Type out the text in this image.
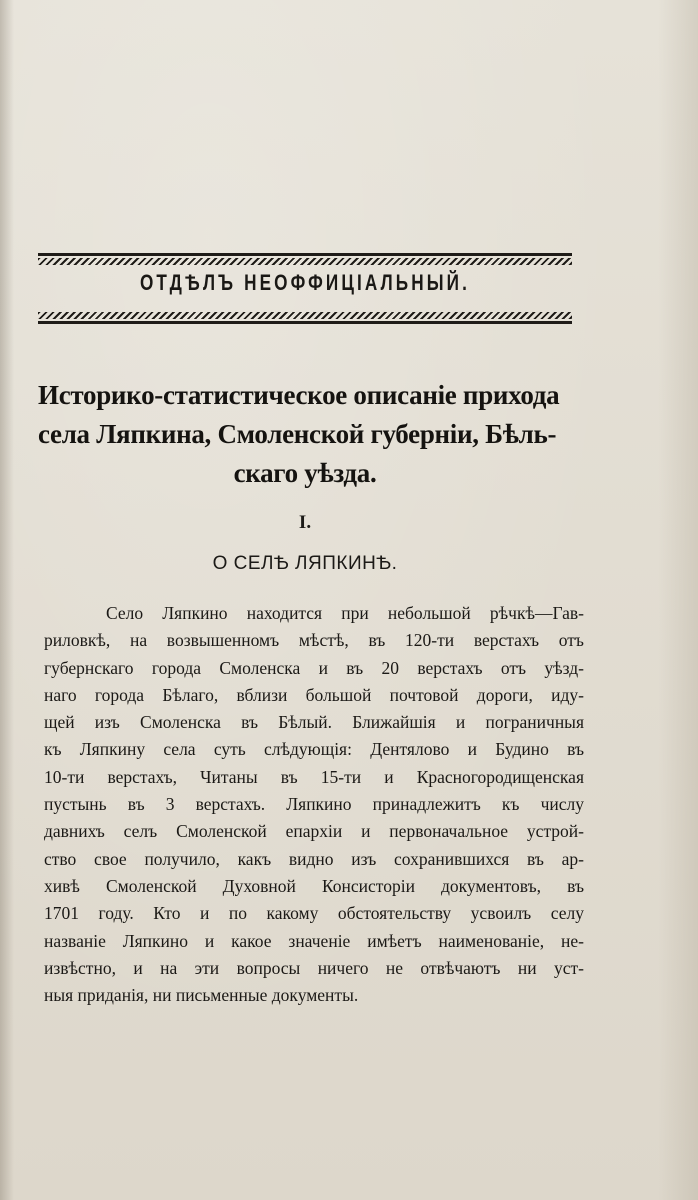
ОТДѢЛЪ НЕОФФИЦІАЛЬНЫЙ.
Историко-статистическое описаніе прихода
села Ляпкина, Смоленской губерніи, Бѣль-
скаго уѣзда.
I.
О СЕЛѢ ЛЯПКИНѢ.
Село Ляпкино находится при небольшой рѣчкѣ—Гав-
риловкѣ, на возвышенномъ мѣстѣ, въ 120-ти верстахъ отъ
губернскаго города Смоленска и въ 20 верстахъ отъ уѣзд-
наго города Бѣлаго, вблизи большой почтовой дороги, иду-
щей изъ Смоленска въ Бѣлый. Ближайшія и пограничныя
къ Ляпкину села суть слѣдующія: Дентялово и Будино въ
10-ти верстахъ, Читаны въ 15-ти и Красногородищенская
пустынь въ 3 верстахъ. Ляпкино принадлежитъ къ числу
давнихъ селъ Смоленской епархіи и первоначальное устрой-
ство свое получило, какъ видно изъ сохранившихся въ ар-
хивѣ Смоленской Духовной Консисторіи документовъ, въ
1701 году. Кто и по какому обстоятельству усвоилъ селу
названіе Ляпкино и какое значеніе имѣетъ наименованіе, не-
извѣстно, и на эти вопросы ничего не отвѣчаютъ ни уст-
ныя приданія, ни письменные документы.
